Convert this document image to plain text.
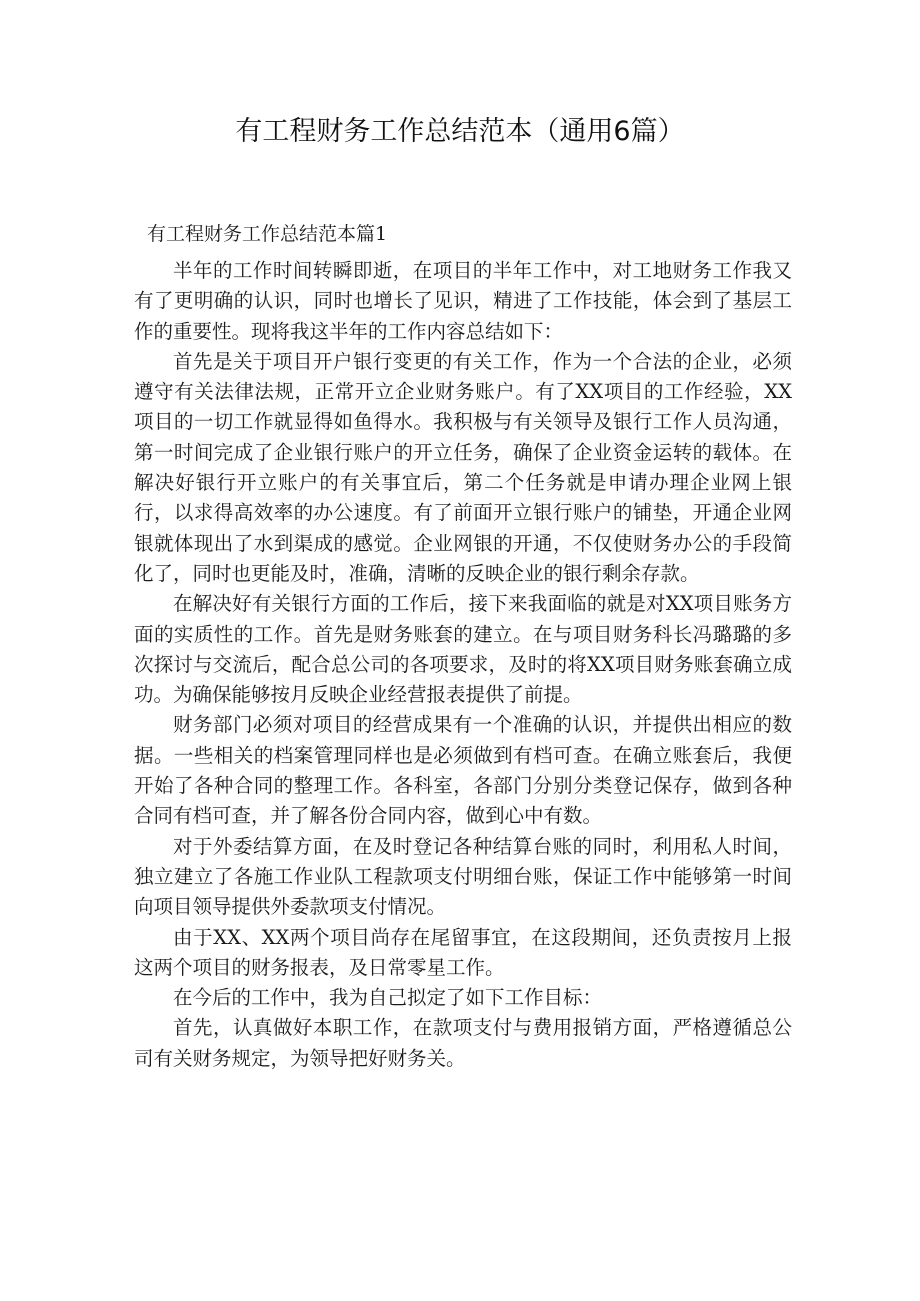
有工程财务工作总结范本（通用6篇）
有工程财务工作总结范本篇1

半年的工作时间转瞬即逝，在项目的半年工作中，对工地财务工作我又有了更明确的认识，同时也增长了见识，精进了工作技能，体会到了基层工作的重要性。现将我这半年的工作内容总结如下：

首先是关于项目开户银行变更的有关工作，作为一个合法的企业，必须遵守有关法律法规，正常开立企业财务账户。有了XX项目的工作经验，XX项目的一切工作就显得如鱼得水。我积极与有关领导及银行工作人员沟通，第一时间完成了企业银行账户的开立任务，确保了企业资金运转的载体。在解决好银行开立账户的有关事宜后，第二个任务就是申请办理企业网上银行，以求得高效率的办公速度。有了前面开立银行账户的铺垫，开通企业网银就体现出了水到渠成的感觉。企业网银的开通，不仅使财务办公的手段简化了，同时也更能及时，准确，清晰的反映企业的银行剩余存款。

在解决好有关银行方面的工作后，接下来我面临的就是对XX项目账务方面的实质性的工作。首先是财务账套的建立。在与项目财务科长冯璐璐的多次探讨与交流后，配合总公司的各项要求，及时的将XX项目财务账套确立成功。为确保能够按月反映企业经营报表提供了前提。

财务部门必须对项目的经营成果有一个准确的认识，并提供出相应的数据。一些相关的档案管理同样也是必须做到有档可查。在确立账套后，我便开始了各种合同的整理工作。各科室，各部门分别分类登记保存，做到各种合同有档可查，并了解各份合同内容，做到心中有数。

对于外委结算方面，在及时登记各种结算台账的同时，利用私人时间，独立建立了各施工作业队工程款项支付明细台账，保证工作中能够第一时间向项目领导提供外委款项支付情况。

由于XX、XX两个项目尚存在尾留事宜，在这段期间，还负责按月上报这两个项目的财务报表，及日常零星工作。

在今后的工作中，我为自己拟定了如下工作目标：

首先，认真做好本职工作，在款项支付与费用报销方面，严格遵循总公司有关财务规定，为领导把好财务关。
